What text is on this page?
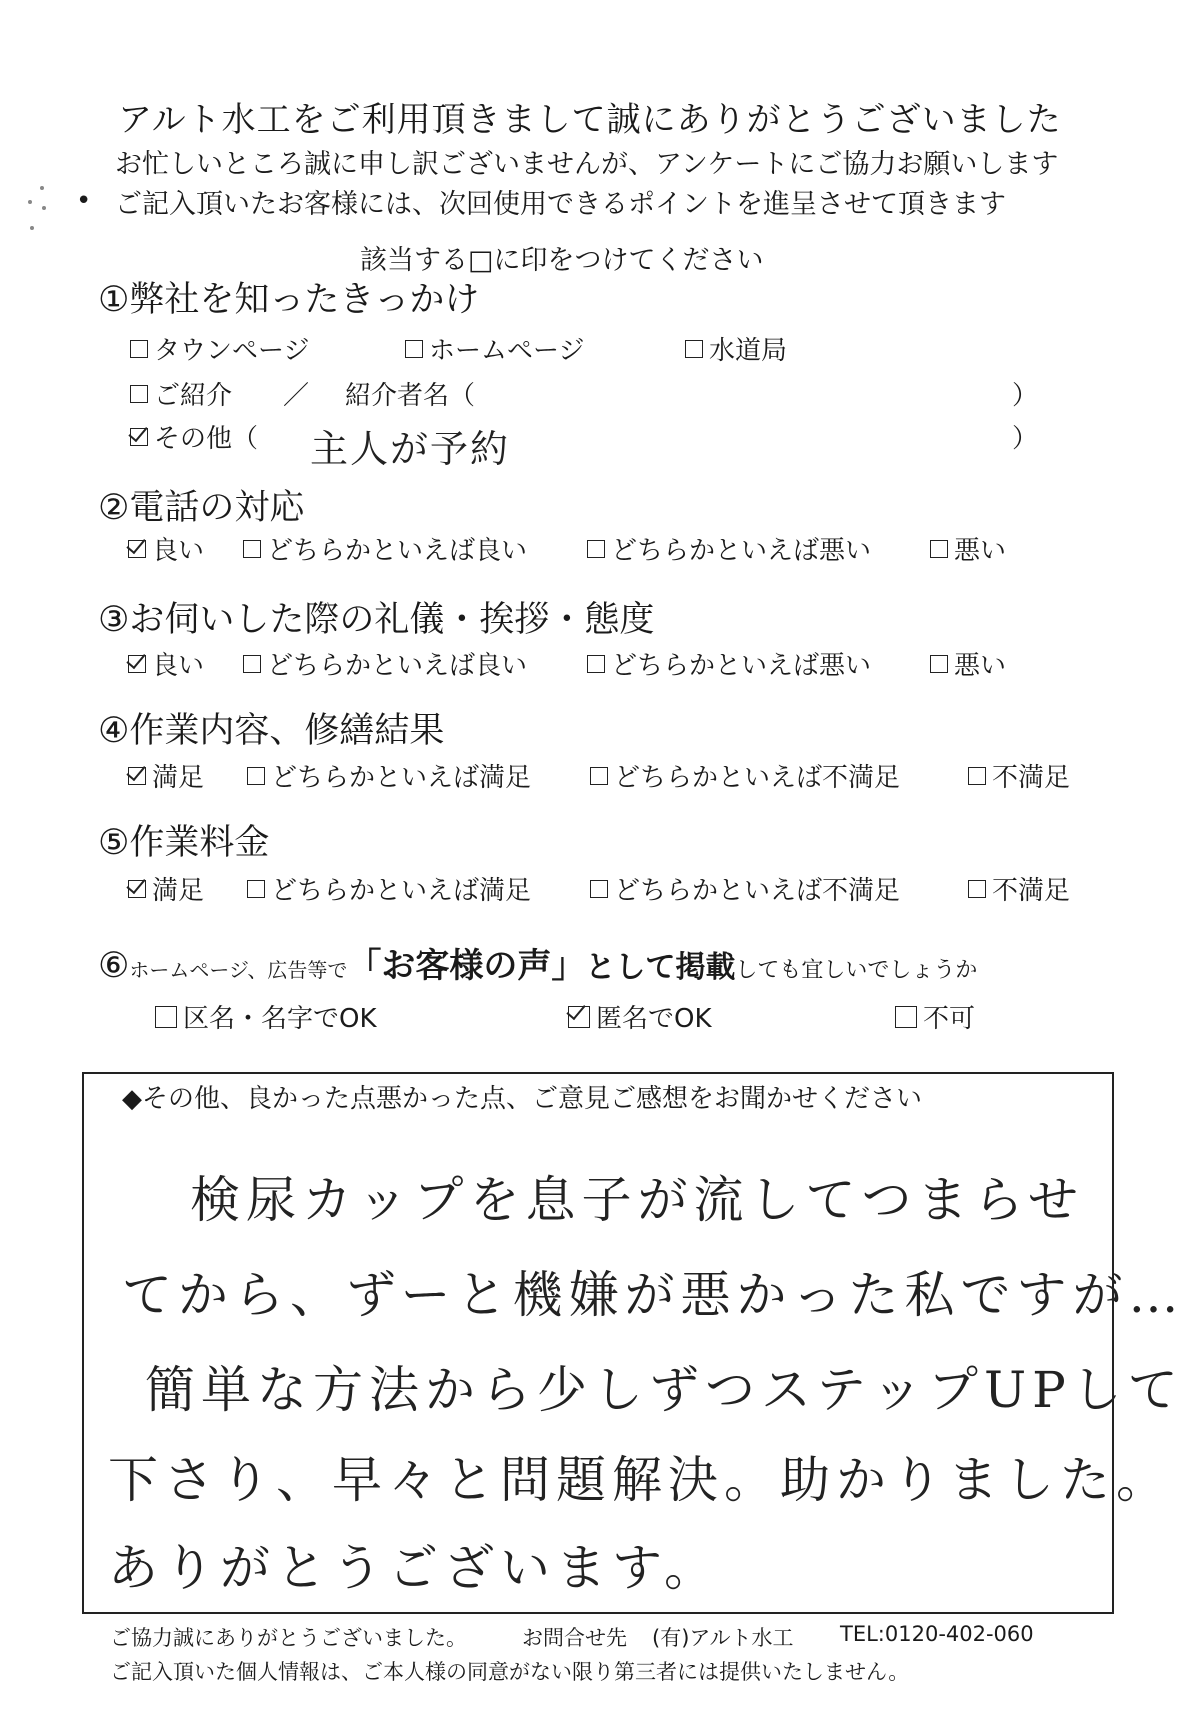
アルト水工をご利用頂きまして誠にありがとうございました
お忙しいところ誠に申し訳ございませんが、アンケートにご協力お願いします
• ご記入頂いたお客様には、次回使用できるポイントを進呈させて頂きます
該当する□に印をつけてください
①弊社を知ったきっかけ
タウンページ	ホームページ	水道局
ご紹介 ／ 紹介者名（	）
その他（ 主人が予約	）
②電話の対応
良い どちらかといえば良い	どちらかといえば悪い	悪い
③お伺いした際の礼儀・挨拶・態度
良い どちらかといえば良い	どちらかといえば悪い	悪い
④作業内容、修繕結果
満足	どちらかといえば満足	どちらかといえば不満足	不満足
⑤作業料金
満足	どちらかといえば満足	どちらかといえば不満足	不満足
⑥ ホームページ、広告等で 「お客様の声」 として掲載 しても宜しいでしょうか
区名・名字でOK	匿名でOK	不可
◆その他、良かった点悪かった点、ご意見ご感想をお聞かせください
検尿カップを息子が流してつまらせ
てから、ずーと機嫌が悪かった私ですが…
簡単な方法から少しずつステップUPして
下さり、早々と問題解決。助かりました。
ありがとうございます。
ご協力誠にありがとうございました。	お問合せ先 (有)アルト水工 TEL:0120-402-060
ご記入頂いた個人情報は、ご本人様の同意がない限り第三者には提供いたしません。
